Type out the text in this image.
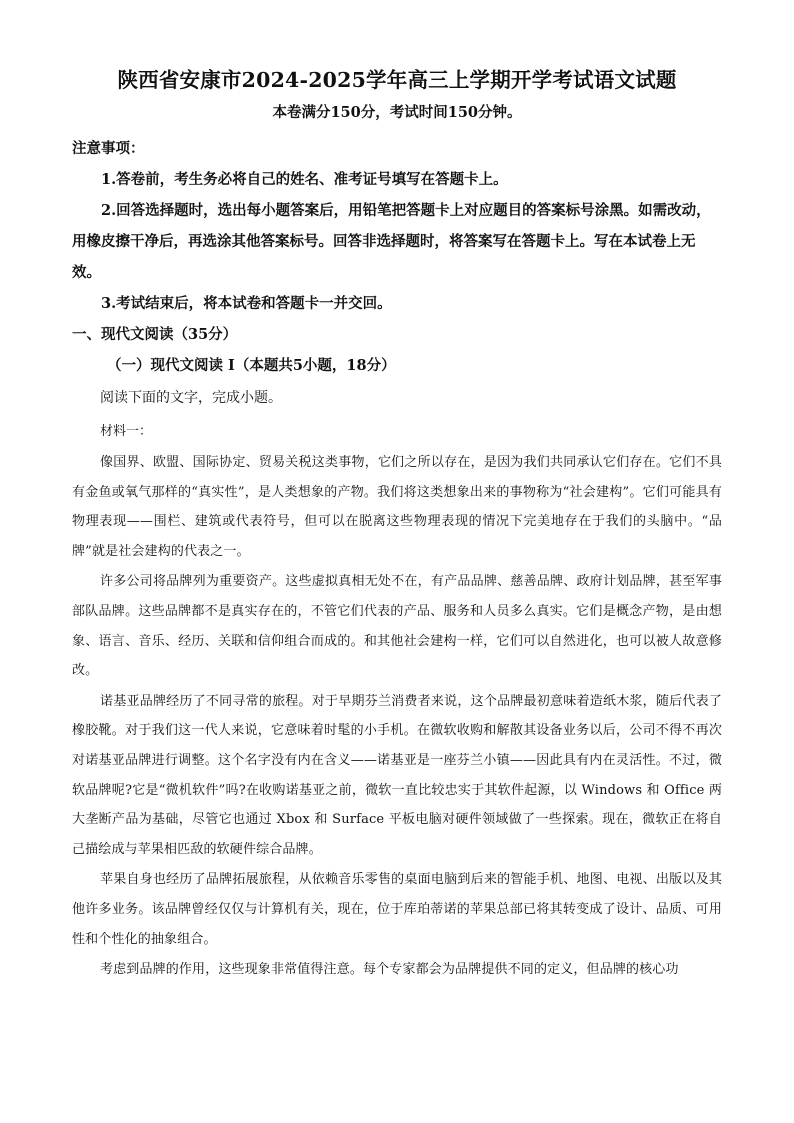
陕西省安康市2024-2025学年高三上学期开学考试语文试题

本卷满分150分，考试时间150分钟。

注意事项：

1.答卷前，考生务必将自己的姓名、准考证号填写在答题卡上。

2.回答选择题时，选出每小题答案后，用铅笔把答题卡上对应题目的答案标号涂黑。如需改动，用橡皮擦干净后，再选涂其他答案标号。回答非选择题时，将答案写在答题卡上。写在本试卷上无效。

3.考试结束后，将本试卷和答题卡一并交回。

一、现代文阅读（35分）

（一）现代文阅读 I（本题共5小题，18分）

阅读下面的文字，完成小题。

材料一：

像国界、欧盟、国际协定、贸易关税这类事物，它们之所以存在，是因为我们共同承认它们存在。它们不具有金鱼或氧气那样的“真实性”，是人类想象的产物。我们将这类想象出来的事物称为“社会建构”。它们可能具有物理表现——围栏、建筑或代表符号，但可以在脱离这些物理表现的情况下完美地存在于我们的头脑中。“品牌”就是社会建构的代表之一。

许多公司将品牌列为重要资产。这些虚拟真相无处不在，有产品品牌、慈善品牌、政府计划品牌，甚至军事部队品牌。这些品牌都不是真实存在的，不管它们代表的产品、服务和人员多么真实。它们是概念产物，是由想象、语言、音乐、经历、关联和信仰组合而成的。和其他社会建构一样，它们可以自然进化，也可以被人故意修改。

诺基亚品牌经历了不同寻常的旅程。对于早期芬兰消费者来说，这个品牌最初意味着造纸木浆，随后代表了橡胶靴。对于我们这一代人来说，它意味着时髦的小手机。在微软收购和解散其设备业务以后，公司不得不再次对诺基亚品牌进行调整。这个名字没有内在含义——诺基亚是一座芬兰小镇——因此具有内在灵活性。不过，微软品牌呢?它是“微机软件”吗?在收购诺基亚之前，微软一直比较忠实于其软件起源，以 Windows 和 Office 两大垄断产品为基础，尽管它也通过 Xbox 和 Surface 平板电脑对硬件领域做了一些探索。现在，微软正在将自己描绘成与苹果相匹敌的软硬件综合品牌。

苹果自身也经历了品牌拓展旅程，从依赖音乐零售的桌面电脑到后来的智能手机、地图、电视、出版以及其他许多业务。该品牌曾经仅仅与计算机有关，现在，位于库珀蒂诺的苹果总部已将其转变成了设计、品质、可用性和个性化的抽象组合。

考虑到品牌的作用，这些现象非常值得注意。每个专家都会为品牌提供不同的定义，但品牌的核心功
